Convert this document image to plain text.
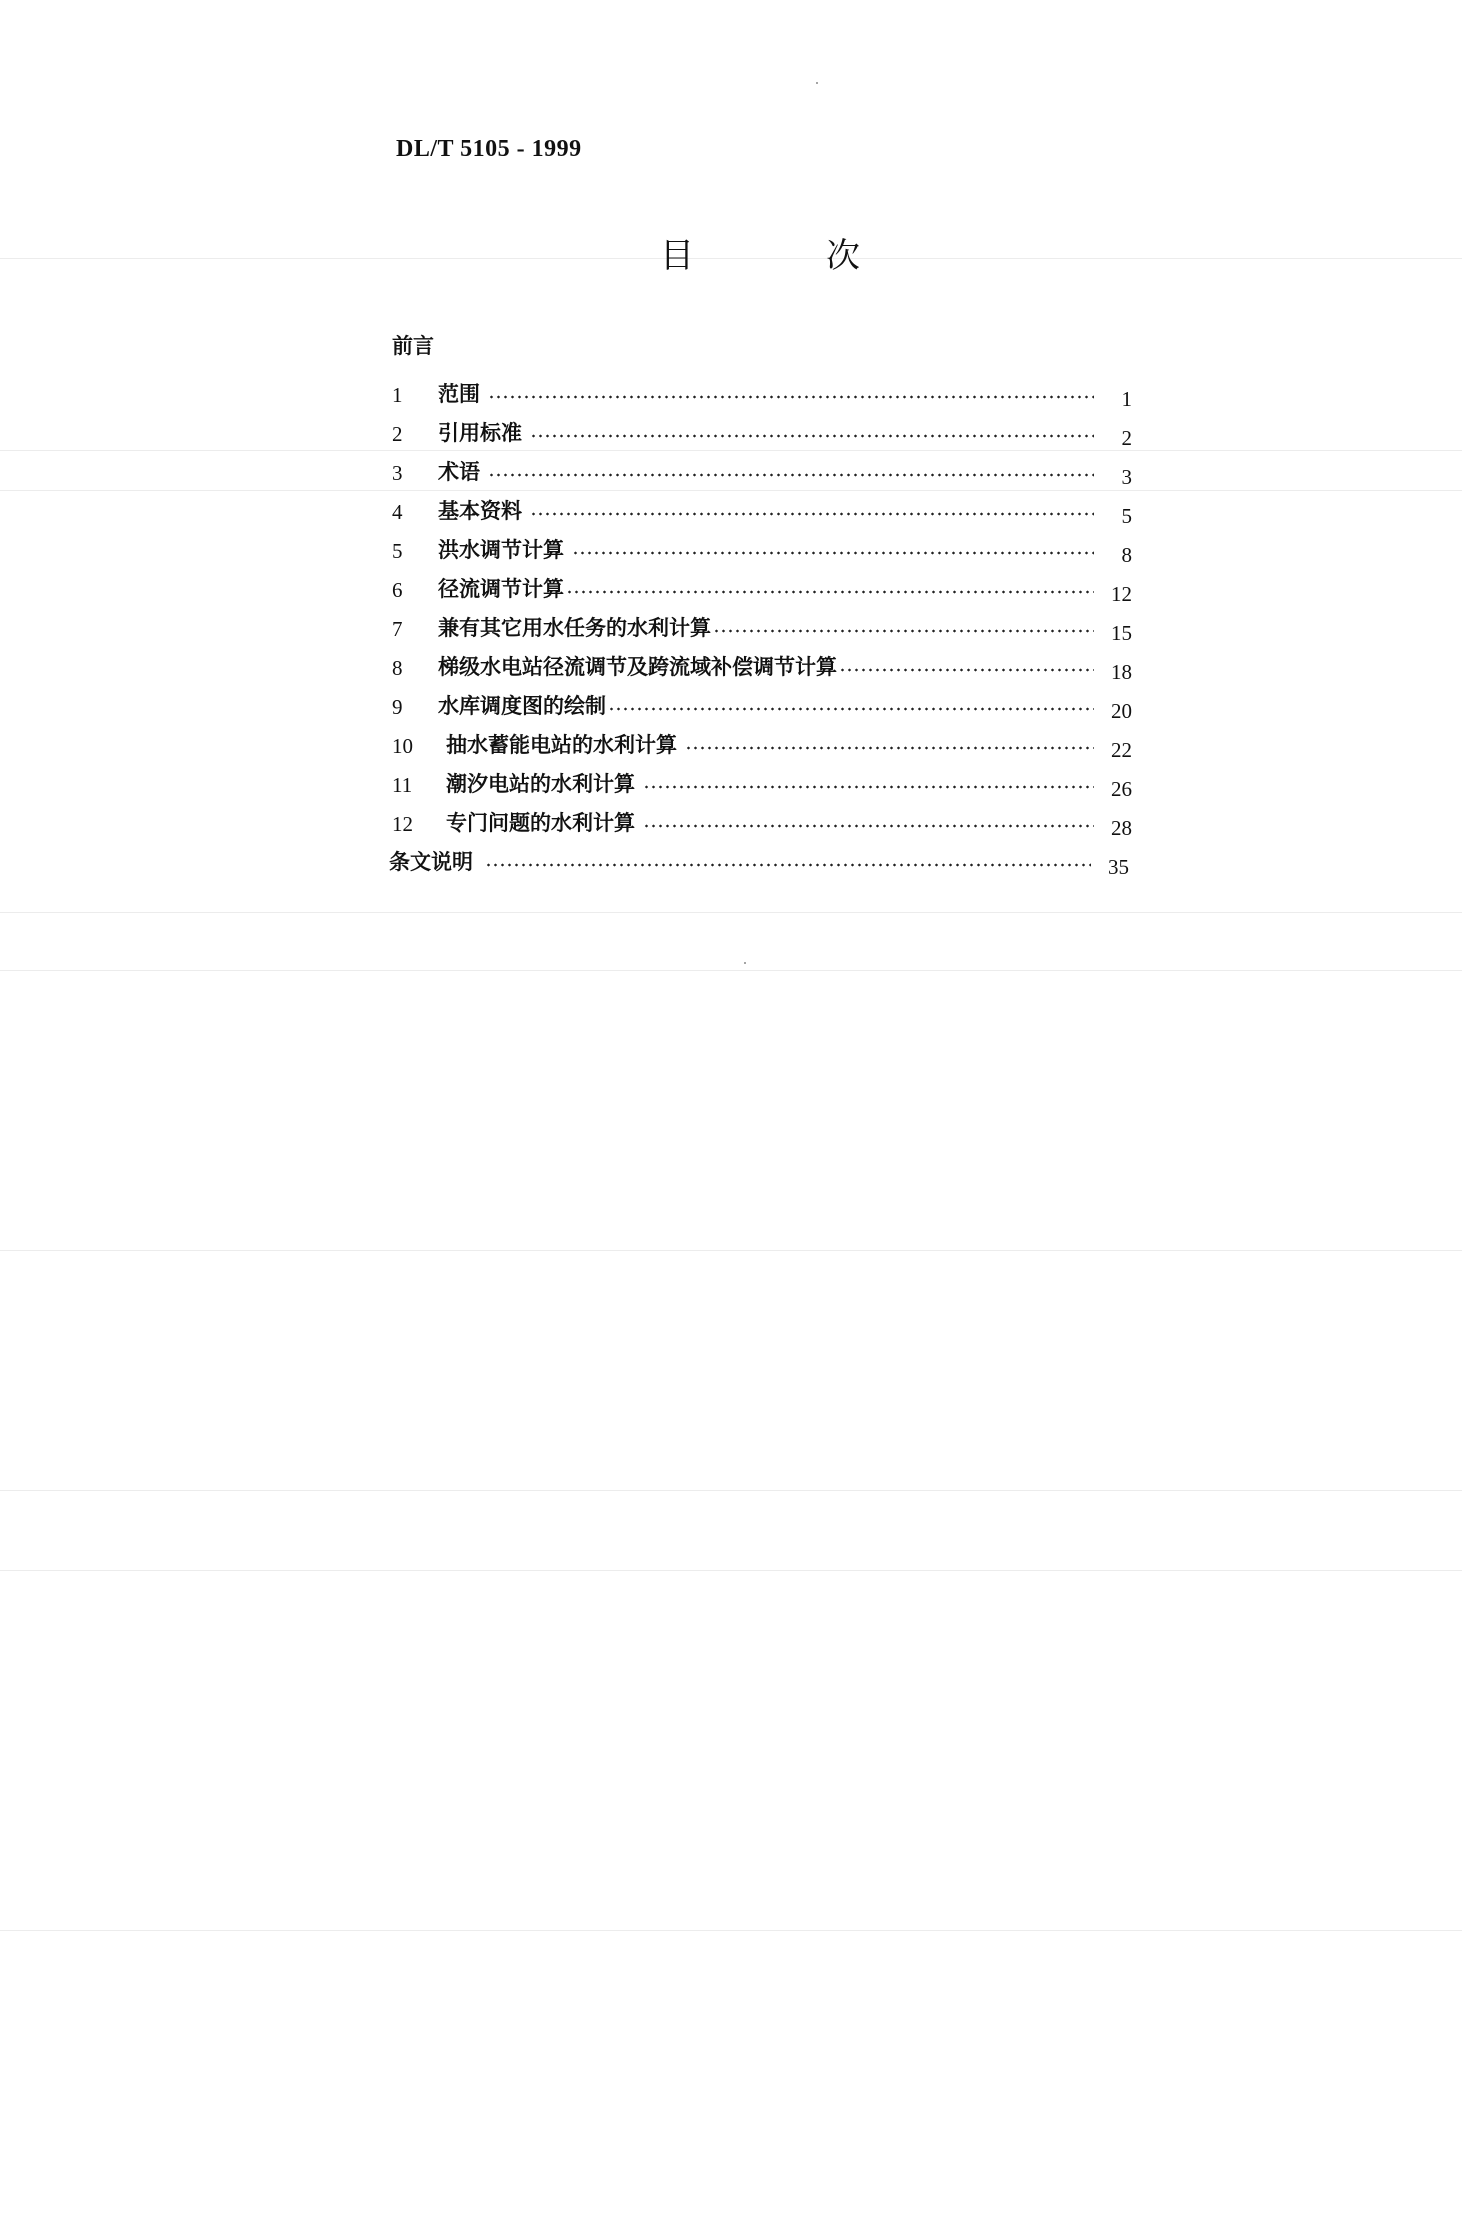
DL/T 5105 - 1999
目	次
前言
1	范围	1
2	引用标准	2
3	术语	3
4	基本资料	5
5	洪水调节计算	8
6	径流调节计算	12
7	兼有其它用水任务的水利计算	15
8	梯级水电站径流调节及跨流域补偿调节计算	18
9	水库调度图的绘制	20
10	抽水蓄能电站的水利计算	22
11	潮汐电站的水利计算	26
12	专门问题的水利计算	28
条文说明	35
